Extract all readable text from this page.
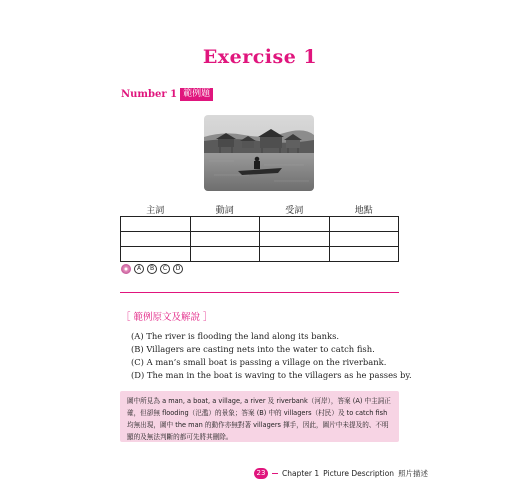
Exercise 1
Number 1 範例題
主詞	動詞	受詞	地點

A	B	C	D
［ 範例原文及解說 ］
(A) The river is flooding the land along its banks.
(B) Villagers are casting nets into the water to catch fish.
(C) A man’s small boat is passing a village on the riverbank.
(D) The man in the boat is waving to the villagers as he passes by.
圖中所見為 a man, a boat, a village, a river 及 riverbank（河岸），答案 (A) 中主詞正確，但卻無 flooding（氾濫）的景象；答案 (B) 中的 villagers（村民）及 to catch fish 均無出現，圖中 the man 的動作亦無對著 villagers 揮手，因此，圖片中未提及的、不明顯的及無法判斷的都可先將其刪除。
23	Chapter 1 Picture Description 照片描述
